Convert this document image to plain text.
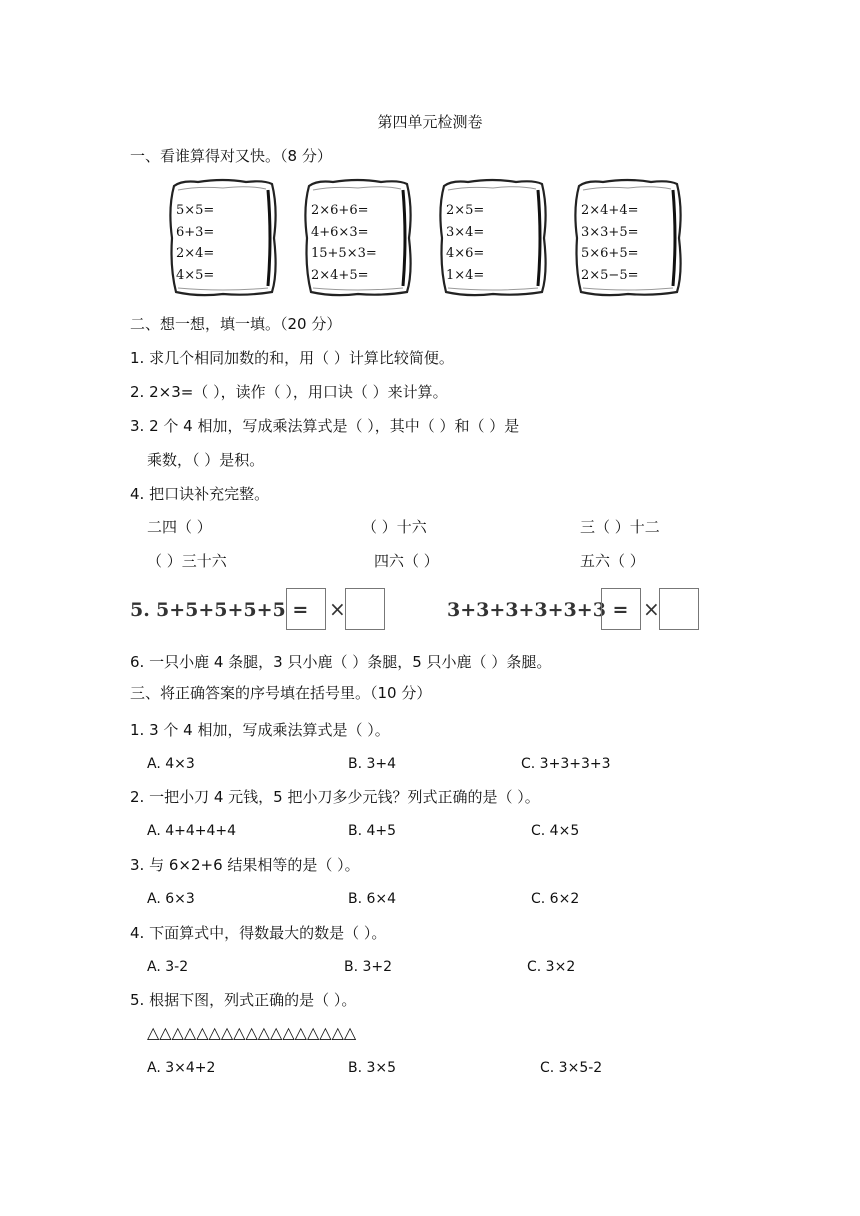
第四单元检测卷
一、看谁算得对又快。（8 分）
5×5=
6+3=
2×4=
4×5=
2×6+6=
4+6×3=
15+5×3=
2×4+5=
2×5=
3×4=
4×6=
1×4=
2×4+4=
3×3+5=
5×6+5=
2×5−5=
二、想一想，填一填。（20 分）
1. 求几个相同加数的和，用（ ）计算比较简便。
2. 2×3=（ ），读作（ ），用口诀（ ）来计算。
3. 2 个 4 相加，写成乘法算式是（ ），其中（ ）和（ ）是
乘数，（ ）是积。
4. 把口诀补充完整。
二四（ ）	（ ）十六	三（ ）十二
（ ）三十六	四六（ ）	五六（ ）
5. 5+5+5+5+5 = ×	3+3+3+3+3+3 = ×
6. 一只小鹿 4 条腿，3 只小鹿（ ）条腿，5 只小鹿（ ）条腿。
三、将正确答案的序号填在括号里。（10 分）
1. 3 个 4 相加，写成乘法算式是（ ）。
A. 4×3	B. 3+4	C. 3+3+3+3
2. 一把小刀 4 元钱，5 把小刀多少元钱？列式正确的是（ ）。
A. 4+4+4+4	B. 4+5	C. 4×5
3. 与 6×2+6 结果相等的是（ ）。
A. 6×3	B. 6×4	C. 6×2
4. 下面算式中，得数最大的数是（ ）。
A. 3-2	B. 3+2	C. 3×2
5. 根据下图，列式正确的是（ ）。
△△△△△△△△△△△△△△△△△
A. 3×4+2	B. 3×5	C. 3×5-2
